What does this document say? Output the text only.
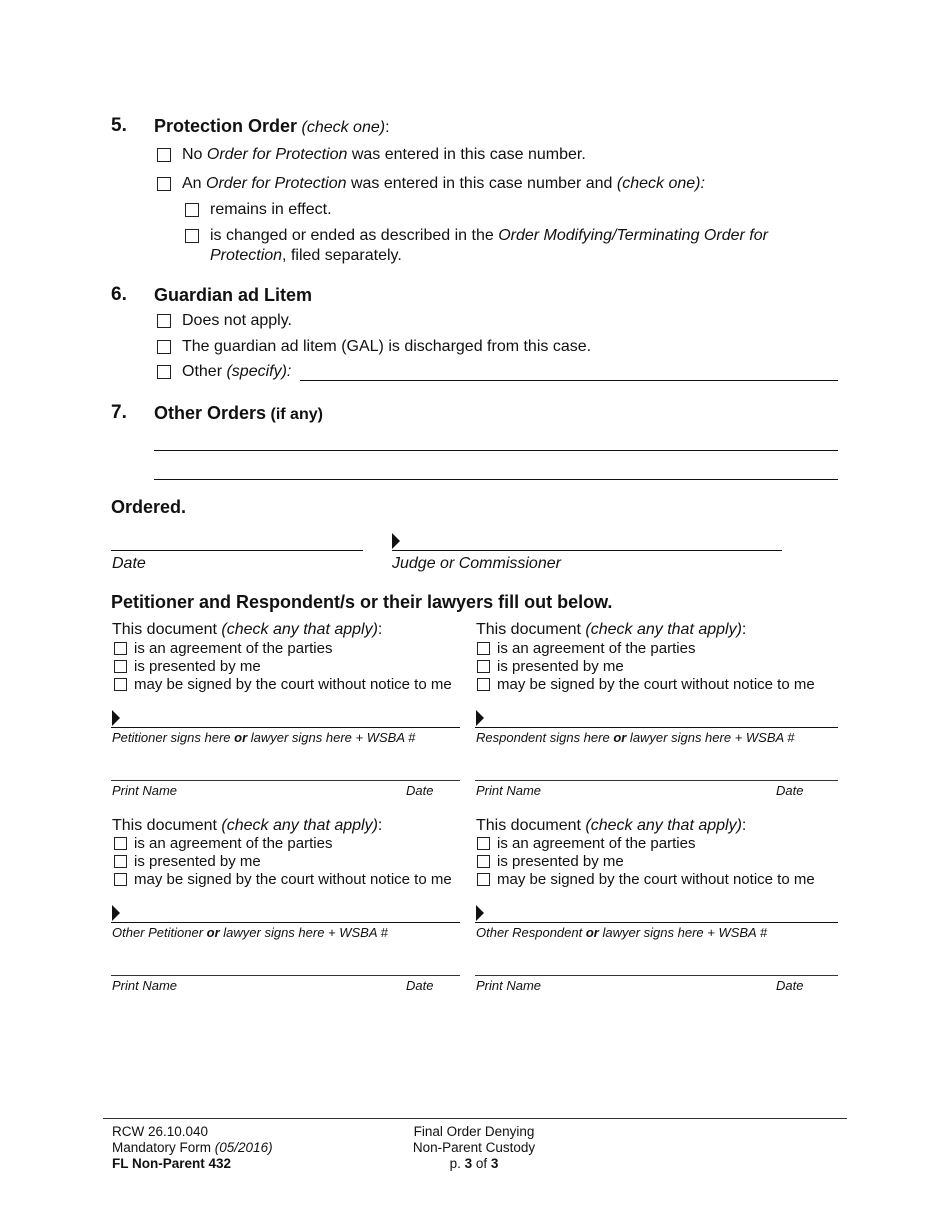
5. Protection Order (check one):
No Order for Protection was entered in this case number.
An Order for Protection was entered in this case number and (check one):
remains in effect.
is changed or ended as described in the Order Modifying/Terminating Order for
Protection, filed separately.
6. Guardian ad Litem
Does not apply.
The guardian ad litem (GAL) is discharged from this case.
Other (specify):
7. Other Orders (if any)
Ordered.
Date	Judge or Commissioner
Petitioner and Respondent/s or their lawyers fill out below.
This document (check any that apply):
is an agreement of the parties
is presented by me
may be signed by the court without notice to me
Petitioner signs here or lawyer signs here + WSBA #
Print Name	Date
This document (check any that apply):
is an agreement of the parties
is presented by me
may be signed by the court without notice to me
Respondent signs here or lawyer signs here + WSBA #
Print Name	Date
This document (check any that apply):
is an agreement of the parties
is presented by me
may be signed by the court without notice to me
Other Petitioner or lawyer signs here + WSBA #
Print Name	Date
This document (check any that apply):
is an agreement of the parties
is presented by me
may be signed by the court without notice to me
Other Respondent or lawyer signs here + WSBA #
Print Name	Date
RCW 26.10.040
Mandatory Form (05/2016)
FL Non-Parent 432
Final Order Denying
Non-Parent Custody
p. 3 of 3
